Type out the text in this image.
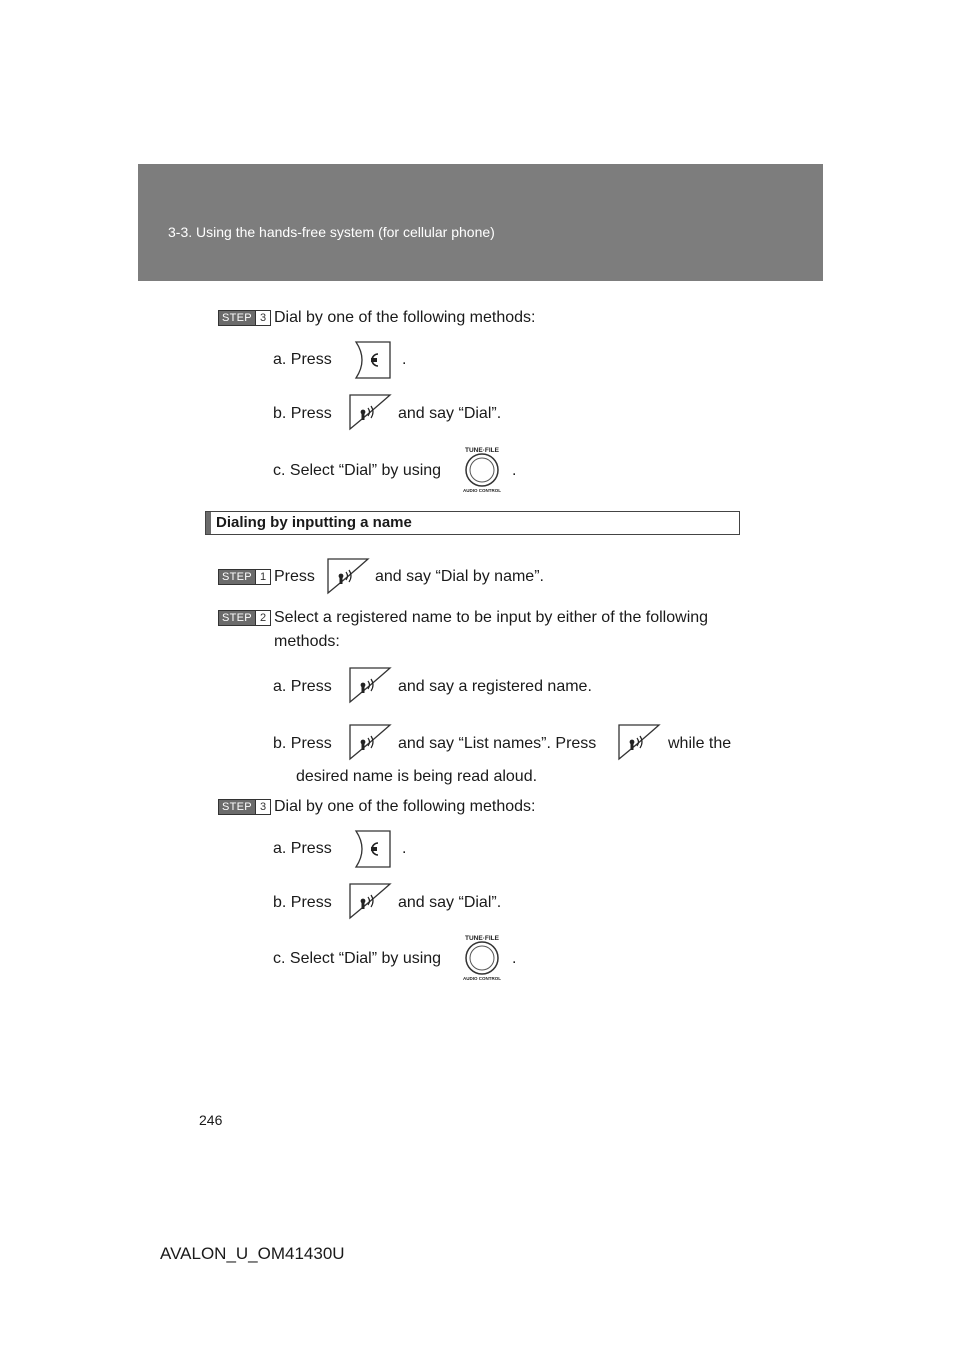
3-3. Using the hands-free system (for cellular phone)
STEP 3 Dial by one of the following methods:
a. Press	.
b. Press	and say “Dial”.
c. Select “Dial” by using
TUNE·FILE
AUDIO CONTROL
.
Dialing by inputting a name
STEP 1 Press	and say “Dial by name”.
STEP 2 Select a registered name to be input by either of the following
methods:
a. Press	and say a registered name.
b. Press	and say “List names”. Press	while the
desired name is being read aloud.
STEP 3 Dial by one of the following methods:
a. Press	.
b. Press	and say “Dial”.
c. Select “Dial” by using
TUNE·FILE
AUDIO CONTROL
.
246
AVALON_U_OM41430U
